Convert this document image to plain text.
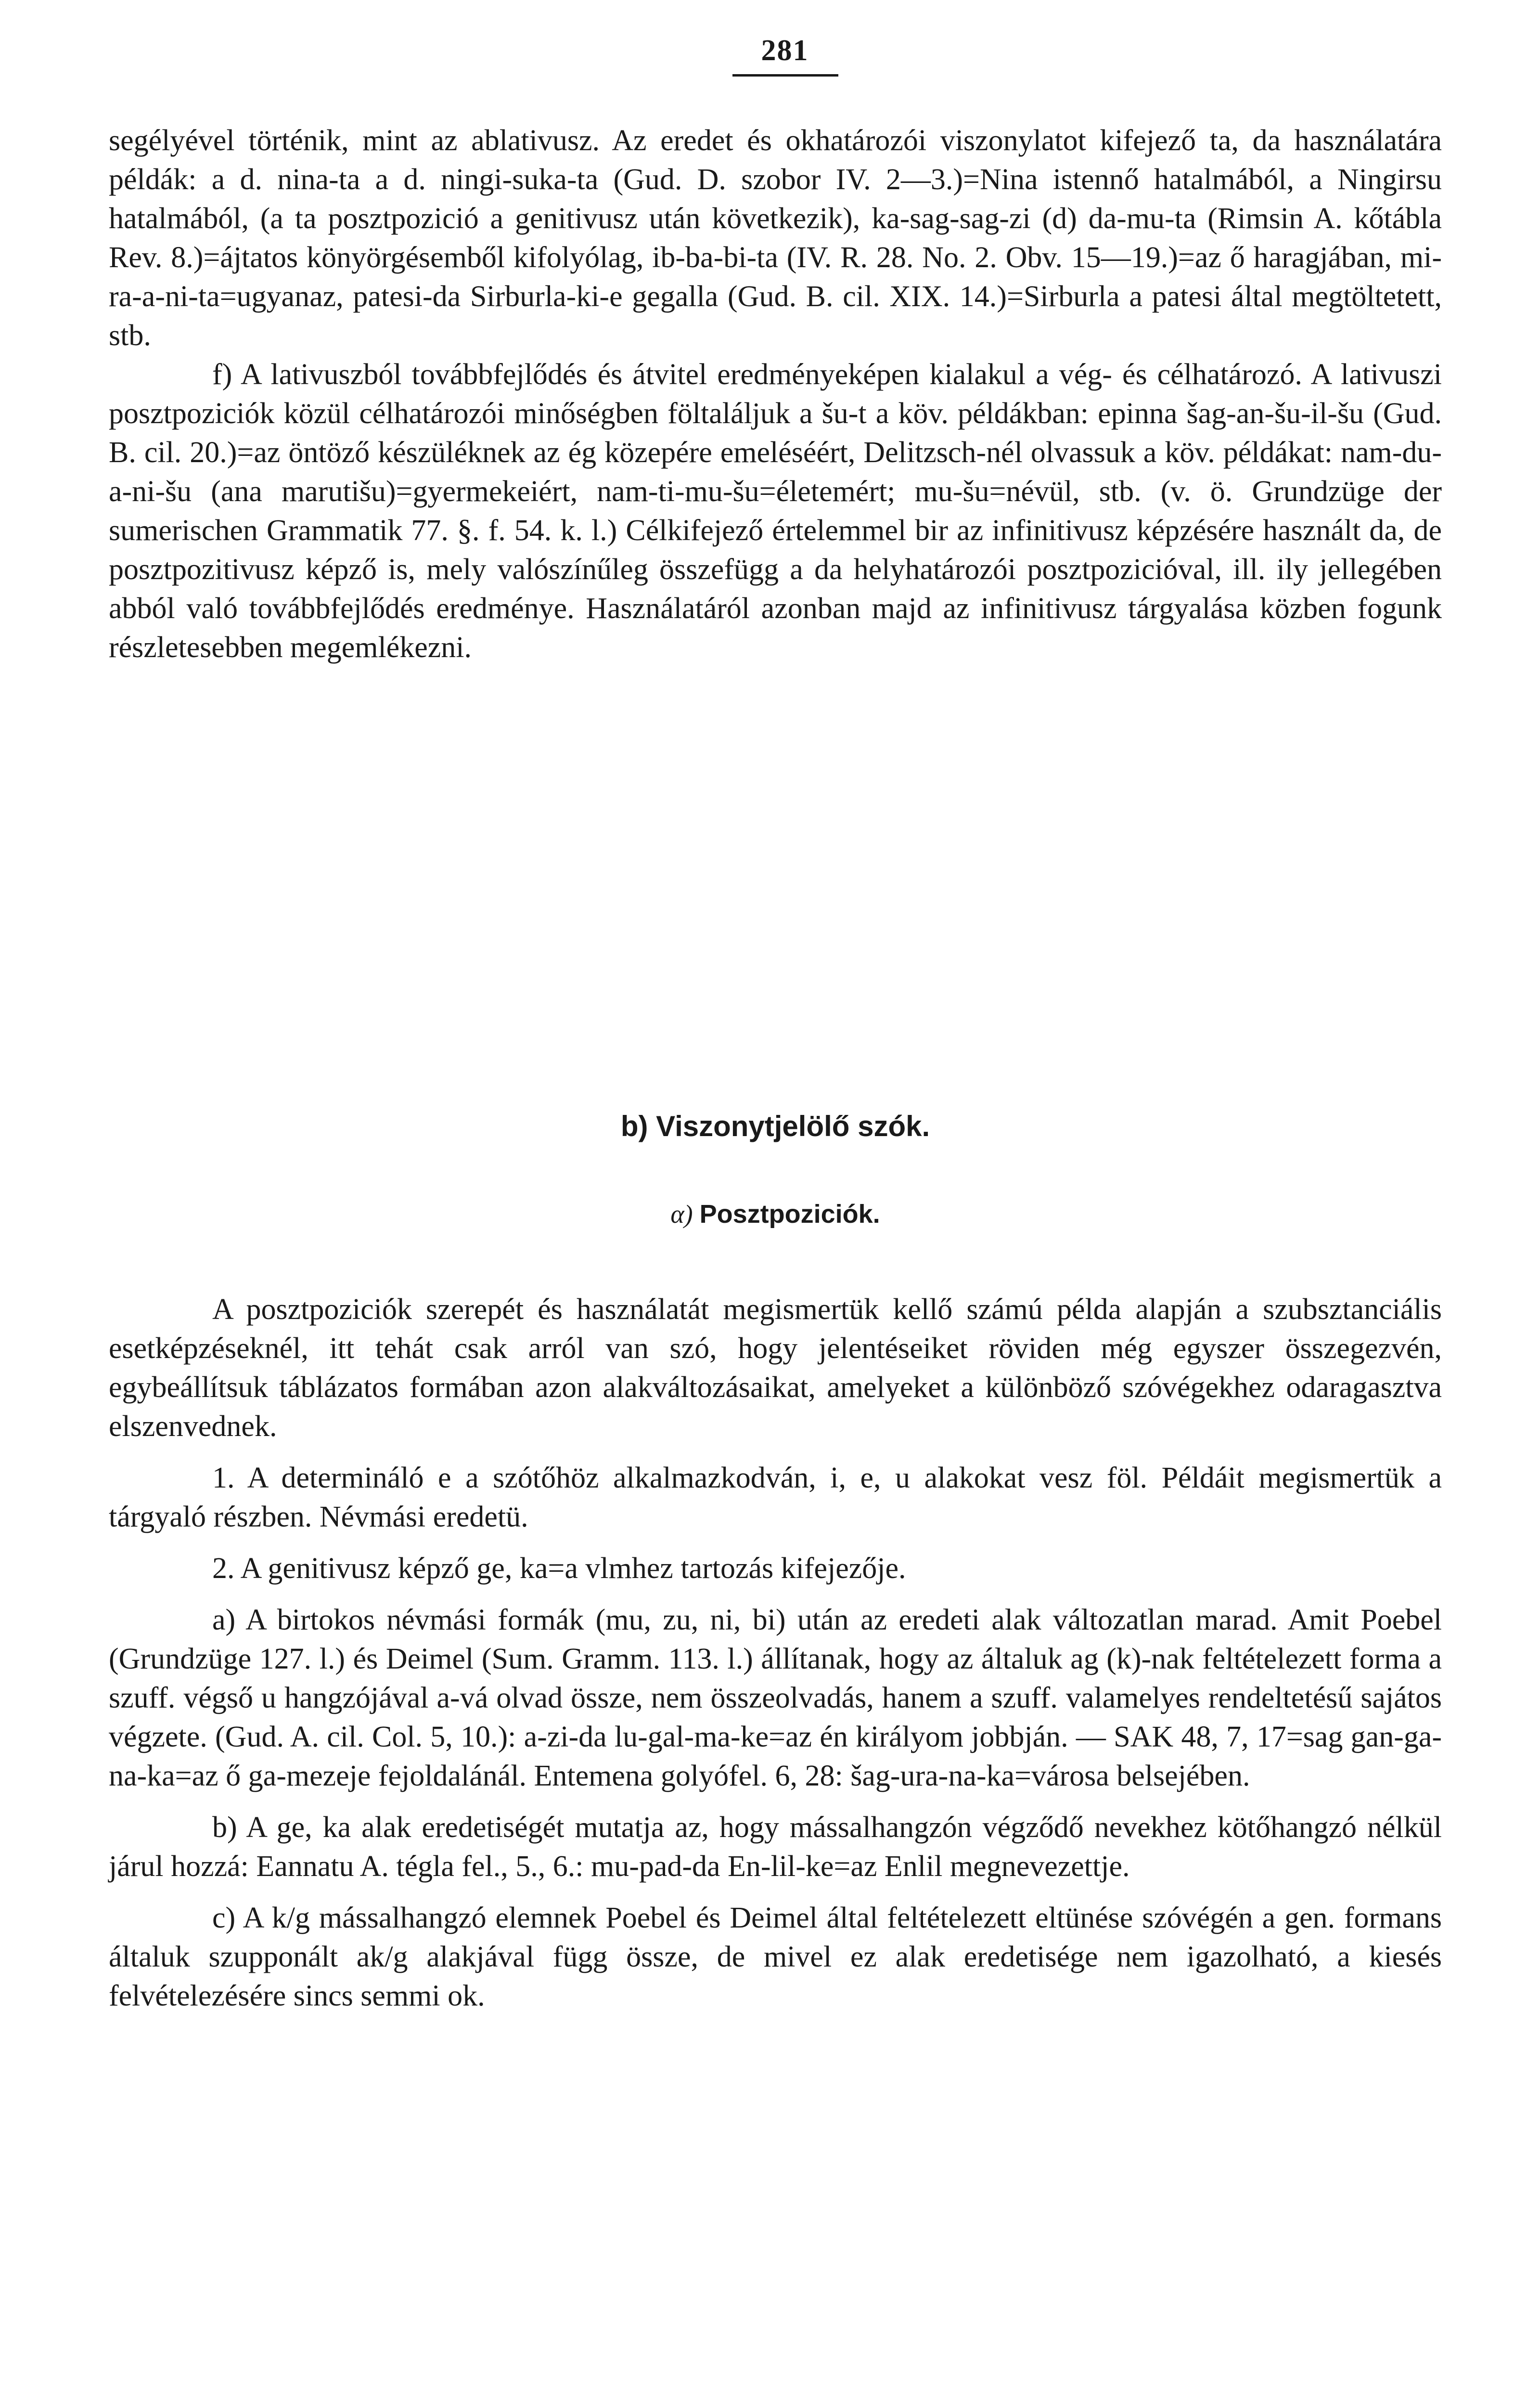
281

segélyével történik, mint az ablativusz. Az eredet és okhatározói viszonylatot kifejező ta, da használatára példák: a d. nina-ta a d. ningi-suka-ta (Gud. D. szobor IV. 2—3.)=Nina istennő hatalmából, a Ningirsu hatalmából, (a ta posztpozició a genitivusz után következik), ka-sag-sag-zi (d) da-mu-ta (Rimsin A. kőtábla Rev. 8.)=ájtatos könyörgésemből kifolyólag, ib-ba-bi-ta (IV. R. 28. No. 2. Obv. 15—19.)=az ő haragjában, mi-ra-a-ni-ta=ugyanaz, patesi-da Sirburla-ki-e gegalla (Gud. B. cil. XIX. 14.)=Sirburla a patesi által megtöltetett, stb.

f) A lativuszból továbbfejlődés és átvitel eredményeképen kialakul a vég- és célhatározó. A lativuszi posztpoziciók közül célhatározói minőségben föltaláljuk a šu-t a köv. példákban: epinna šag-an-šu-il-šu (Gud. B. cil. 20.)=az öntöző készüléknek az ég közepére emeléséért, Delitzsch-nél olvassuk a köv. példákat: nam-du-a-ni-šu (ana marutišu)=gyermekeiért, nam-ti-mu-šu=életemért; mu-šu=névül, stb. (v. ö. Grundzüge der sumerischen Grammatik 77. §. f. 54. k. l.) Célkifejező értelemmel bir az infinitivusz képzésére használt da, de posztpozitivusz képző is, mely valószínűleg összefügg a da helyhatározói posztpozicióval, ill. ily jellegében abból való továbbfejlődés eredménye. Használatáról azonban majd az infinitivusz tárgyalása közben fogunk részletesebben megemlékezni.

b) Viszonytjelölő szók.
α) Posztpoziciók.

A posztpoziciók szerepét és használatát megismertük kellő számú példa alapján a szubsztanciális esetképzéseknél, itt tehát csak arról van szó, hogy jelentéseiket röviden még egyszer összegezvén, egybeállítsuk táblázatos formában azon alakváltozásaikat, amelyeket a különböző szóvégekhez odaragasztva elszenvednek.

1. A determináló e a szótőhöz alkalmazkodván, i, e, u alakokat vesz föl. Példáit megismertük a tárgyaló részben. Névmási eredetü.

2. A genitivusz képző ge, ka=a vlmhez tartozás kifejezője.

a) A birtokos névmási formák (mu, zu, ni, bi) után az eredeti alak változatlan marad. Amit Poebel (Grundzüge 127. l.) és Deimel (Sum. Gramm. 113. l.) állítanak, hogy az általuk ag (k)-nak feltételezett forma a szuff. végső u hangzójával a-vá olvad össze, nem összeolvadás, hanem a szuff. valamelyes rendeltetésű sajátos végzete. (Gud. A. cil. Col. 5, 10.): a-zi-da lu-gal-ma-ke=az én királyom jobbján. — SAK 48, 7, 17=sag gan-ga-na-ka=az ő ga-mezeje fejoldalánál. Entemena golyófel. 6, 28: šag-ura-na-ka=városa belsejében.

b) A ge, ka alak eredetiségét mutatja az, hogy mássalhangzón végződő nevekhez kötőhangzó nélkül járul hozzá: Eannatu A. tégla fel., 5., 6.: mu-pad-da En-lil-ke=az Enlil megnevezettje.

c) A k/g mássalhangzó elemnek Poebel és Deimel által feltételezett eltünése szóvégén a gen. formans általuk szupponált ak/g alakjával függ össze, de mivel ez alak eredetisége nem igazolható, a kiesés felvételezésére sincs semmi ok.
